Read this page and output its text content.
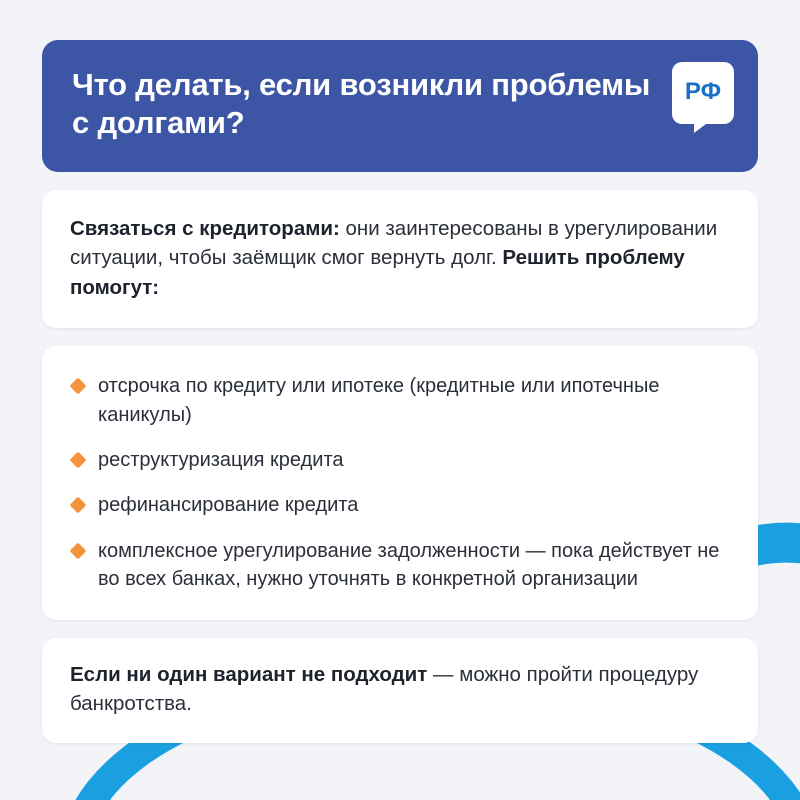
Что делать, если возникли проблемы с долгами?
РФ

Связаться с кредиторами: они заинтересованы в урегулировании ситуации, чтобы заёмщик смог вернуть долг. Решить проблему помогут:

отсрочка по кредиту или ипотеке (кредитные или ипотечные каникулы)
реструктуризация кредита
рефинансирование кредита
комплексное урегулирование задолженности — пока действует не во всех банках, нужно уточнять в конкретной организации

Если ни один вариант не подходит — можно пройти процедуру банкротства.
